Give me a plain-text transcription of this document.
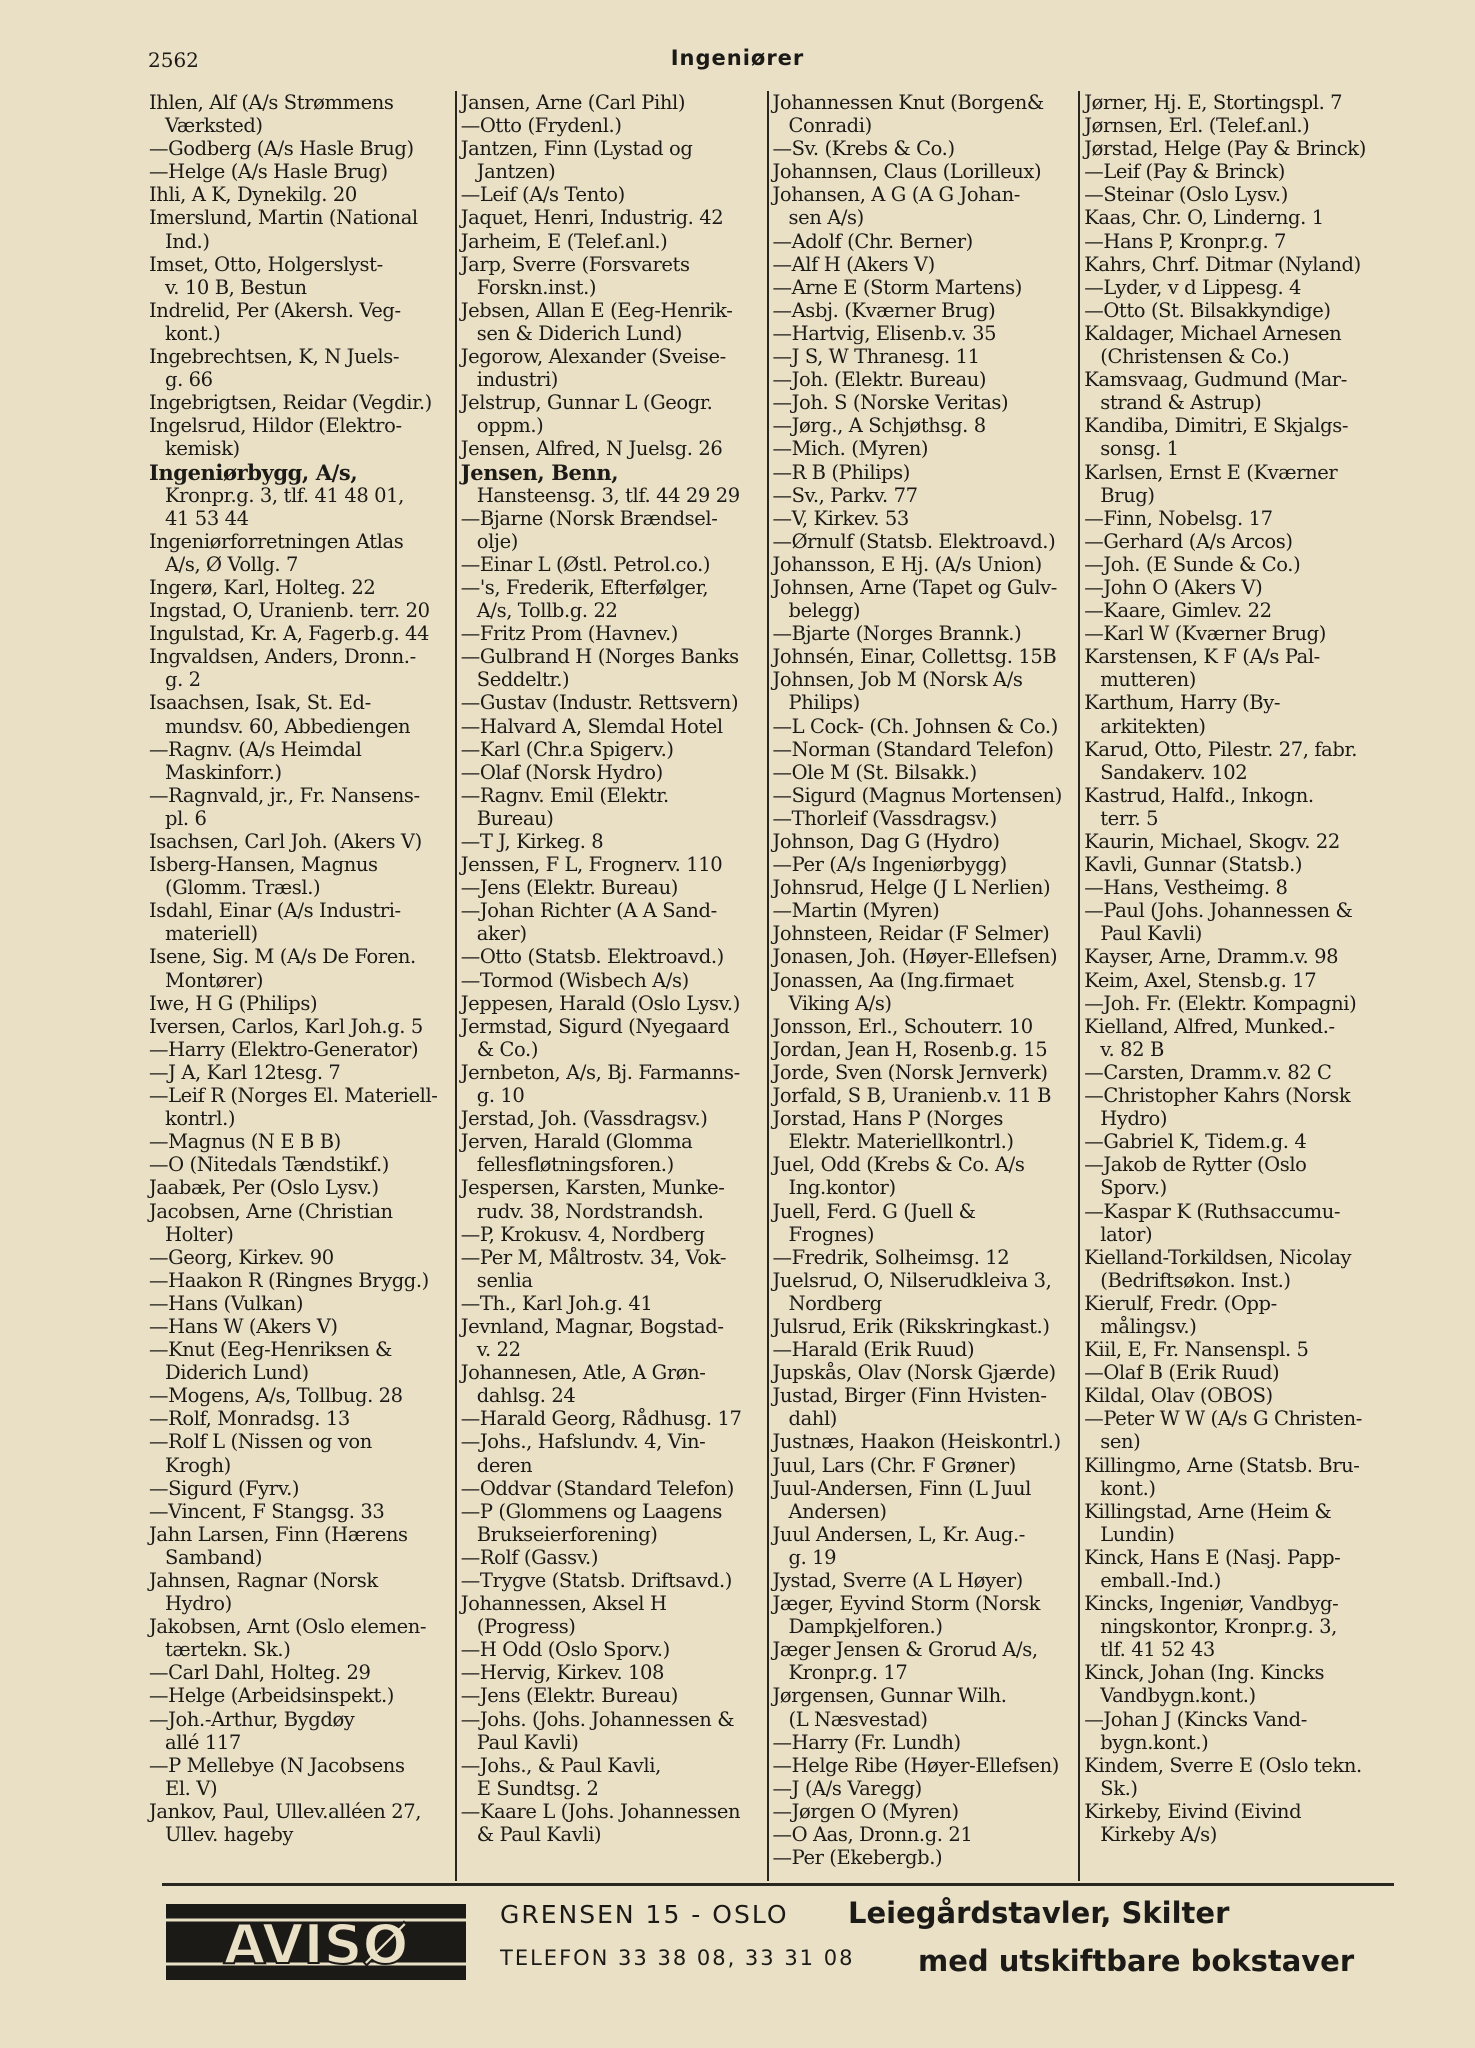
2562	Ingeniører
Ihlen, Alf (A/s Strømmens
Værksted)
—Godberg (A/s Hasle Brug)
—Helge (A/s Hasle Brug)
Ihli, A K, Dynekilg. 20
Imerslund, Martin (National
Ind.)
Imset, Otto, Holgerslyst-
v. 10 B, Bestun
Indrelid, Per (Akersh. Veg-
kont.)
Ingebrechtsen, K, N Juels-
g. 66
Ingebrigtsen, Reidar (Vegdir.)
Ingelsrud, Hildor (Elektro-
kemisk)
Ingeniørbygg, A/s,
Kronpr.g. 3, tlf. 41 48 01,
41 53 44
Ingeniørforretningen Atlas
A/s, Ø Vollg. 7
Ingerø, Karl, Holteg. 22
Ingstad, O, Uranienb. terr. 20
Ingulstad, Kr. A, Fagerb.g. 44
Ingvaldsen, Anders, Dronn.-
g. 2
Isaachsen, Isak, St. Ed-
mundsv. 60, Abbediengen
—Ragnv. (A/s Heimdal
Maskinforr.)
—Ragnvald, jr., Fr. Nansens-
pl. 6
Isachsen, Carl Joh. (Akers V)
Isberg-Hansen, Magnus
(Glomm. Træsl.)
Isdahl, Einar (A/s Industri-
materiell)
Isene, Sig. M (A/s De Foren.
Montører)
Iwe, H G (Philips)
Iversen, Carlos, Karl Joh.g. 5
—Harry (Elektro-Generator)
—J A, Karl 12tesg. 7
—Leif R (Norges El. Materiell-
kontrl.)
—Magnus (N E B B)
—O (Nitedals Tændstikf.)
Jaabæk, Per (Oslo Lysv.)
Jacobsen, Arne (Christian
Holter)
—Georg, Kirkev. 90
—Haakon R (Ringnes Brygg.)
—Hans (Vulkan)
—Hans W (Akers V)
—Knut (Eeg-Henriksen &
Diderich Lund)
—Mogens, A/s, Tollbug. 28
—Rolf, Monradsg. 13
—Rolf L (Nissen og von
Krogh)
—Sigurd (Fyrv.)
—Vincent, F Stangsg. 33
Jahn Larsen, Finn (Hærens
Samband)
Jahnsen, Ragnar (Norsk
Hydro)
Jakobsen, Arnt (Oslo elemen-
tærtekn. Sk.)
—Carl Dahl, Holteg. 29
—Helge (Arbeidsinspekt.)
—Joh.-Arthur, Bygdøy
allé 117
—P Mellebye (N Jacobsens
El. V)
Jankov, Paul, Ullev.alléen 27,
Ullev. hageby
Jansen, Arne (Carl Pihl)
—Otto (Frydenl.)
Jantzen, Finn (Lystad og
Jantzen)
—Leif (A/s Tento)
Jaquet, Henri, Industrig. 42
Jarheim, E (Telef.anl.)
Jarp, Sverre (Forsvarets
Forskn.inst.)
Jebsen, Allan E (Eeg-Henrik-
sen & Diderich Lund)
Jegorow, Alexander (Sveise-
industri)
Jelstrup, Gunnar L (Geogr.
oppm.)
Jensen, Alfred, N Juelsg. 26
Jensen, Benn,
Hansteensg. 3, tlf. 44 29 29
—Bjarne (Norsk Brændsel-
olje)
—Einar L (Østl. Petrol.co.)
—'s, Frederik, Efterfølger,
A/s, Tollb.g. 22
—Fritz Prom (Havnev.)
—Gulbrand H (Norges Banks
Seddeltr.)
—Gustav (Industr. Rettsvern)
—Halvard A, Slemdal Hotel
—Karl (Chr.a Spigerv.)
—Olaf (Norsk Hydro)
—Ragnv. Emil (Elektr.
Bureau)
—T J, Kirkeg. 8
Jenssen, F L, Frognerv. 110
—Jens (Elektr. Bureau)
—Johan Richter (A A Sand-
aker)
—Otto (Statsb. Elektroavd.)
—Tormod (Wisbech A/s)
Jeppesen, Harald (Oslo Lysv.)
Jermstad, Sigurd (Nyegaard
& Co.)
Jernbeton, A/s, Bj. Farmanns-
g. 10
Jerstad, Joh. (Vassdragsv.)
Jerven, Harald (Glomma
fellesfløtningsforen.)
Jespersen, Karsten, Munke-
rudv. 38, Nordstrandsh.
—P, Krokusv. 4, Nordberg
—Per M, Måltrostv. 34, Vok-
senlia
—Th., Karl Joh.g. 41
Jevnland, Magnar, Bogstad-
v. 22
Johannesen, Atle, A Grøn-
dahlsg. 24
—Harald Georg, Rådhusg. 17
—Johs., Hafslundv. 4, Vin-
deren
—Oddvar (Standard Telefon)
—P (Glommens og Laagens
Brukseierforening)
—Rolf (Gassv.)
—Trygve (Statsb. Driftsavd.)
Johannessen, Aksel H
(Progress)
—H Odd (Oslo Sporv.)
—Hervig, Kirkev. 108
—Jens (Elektr. Bureau)
—Johs. (Johs. Johannessen &
Paul Kavli)
—Johs., & Paul Kavli,
E Sundtsg. 2
—Kaare L (Johs. Johannessen
& Paul Kavli)
Johannessen Knut (Borgen&
Conradi)
—Sv. (Krebs & Co.)
Johannsen, Claus (Lorilleux)
Johansen, A G (A G Johan-
sen A/s)
—Adolf (Chr. Berner)
—Alf H (Akers V)
—Arne E (Storm Martens)
—Asbj. (Kværner Brug)
—Hartvig, Elisenb.v. 35
—J S, W Thranesg. 11
—Joh. (Elektr. Bureau)
—Joh. S (Norske Veritas)
—Jørg., A Schjøthsg. 8
—Mich. (Myren)
—R B (Philips)
—Sv., Parkv. 77
—V, Kirkev. 53
—Ørnulf (Statsb. Elektroavd.)
Johansson, E Hj. (A/s Union)
Johnsen, Arne (Tapet og Gulv-
belegg)
—Bjarte (Norges Brannk.)
Johnsén, Einar, Collettsg. 15B
Johnsen, Job M (Norsk A/s
Philips)
—L Cock- (Ch. Johnsen & Co.)
—Norman (Standard Telefon)
—Ole M (St. Bilsakk.)
—Sigurd (Magnus Mortensen)
—Thorleif (Vassdragsv.)
Johnson, Dag G (Hydro)
—Per (A/s Ingeniørbygg)
Johnsrud, Helge (J L Nerlien)
—Martin (Myren)
Johnsteen, Reidar (F Selmer)
Jonasen, Joh. (Høyer-Ellefsen)
Jonassen, Aa (Ing.firmaet
Viking A/s)
Jonsson, Erl., Schouterr. 10
Jordan, Jean H, Rosenb.g. 15
Jorde, Sven (Norsk Jernverk)
Jorfald, S B, Uranienb.v. 11 B
Jorstad, Hans P (Norges
Elektr. Materiellkontrl.)
Juel, Odd (Krebs & Co. A/s
Ing.kontor)
Juell, Ferd. G (Juell &
Frognes)
—Fredrik, Solheimsg. 12
Juelsrud, O, Nilserudkleiva 3,
Nordberg
Julsrud, Erik (Rikskringkast.)
—Harald (Erik Ruud)
Jupskås, Olav (Norsk Gjærde)
Justad, Birger (Finn Hvisten-
dahl)
Justnæs, Haakon (Heiskontrl.)
Juul, Lars (Chr. F Grøner)
Juul-Andersen, Finn (L Juul
Andersen)
Juul Andersen, L, Kr. Aug.-
g. 19
Jystad, Sverre (A L Høyer)
Jæger, Eyvind Storm (Norsk
Dampkjelforen.)
Jæger Jensen & Grorud A/s,
Kronpr.g. 17
Jørgensen, Gunnar Wilh.
(L Næsvestad)
—Harry (Fr. Lundh)
—Helge Ribe (Høyer-Ellefsen)
—J (A/s Varegg)
—Jørgen O (Myren)
—O Aas, Dronn.g. 21
—Per (Ekebergb.)
Jørner, Hj. E, Stortingspl. 7
Jørnsen, Erl. (Telef.anl.)
Jørstad, Helge (Pay & Brinck)
—Leif (Pay & Brinck)
—Steinar (Oslo Lysv.)
Kaas, Chr. O, Linderng. 1
—Hans P, Kronpr.g. 7
Kahrs, Chrf. Ditmar (Nyland)
—Lyder, v d Lippesg. 4
—Otto (St. Bilsakkyndige)
Kaldager, Michael Arnesen
(Christensen & Co.)
Kamsvaag, Gudmund (Mar-
strand & Astrup)
Kandiba, Dimitri, E Skjalgs-
sonsg. 1
Karlsen, Ernst E (Kværner
Brug)
—Finn, Nobelsg. 17
—Gerhard (A/s Arcos)
—Joh. (E Sunde & Co.)
—John O (Akers V)
—Kaare, Gimlev. 22
—Karl W (Kværner Brug)
Karstensen, K F (A/s Pal-
mutteren)
Karthum, Harry (By-
arkitekten)
Karud, Otto, Pilestr. 27, fabr.
Sandakerv. 102
Kastrud, Halfd., Inkogn.
terr. 5
Kaurin, Michael, Skogv. 22
Kavli, Gunnar (Statsb.)
—Hans, Vestheimg. 8
—Paul (Johs. Johannessen &
Paul Kavli)
Kayser, Arne, Dramm.v. 98
Keim, Axel, Stensb.g. 17
—Joh. Fr. (Elektr. Kompagni)
Kielland, Alfred, Munked.-
v. 82 B
—Carsten, Dramm.v. 82 C
—Christopher Kahrs (Norsk
Hydro)
—Gabriel K, Tidem.g. 4
—Jakob de Rytter (Oslo
Sporv.)
—Kaspar K (Ruthsaccumu-
lator)
Kielland-Torkildsen, Nicolay
(Bedriftsøkon. Inst.)
Kierulf, Fredr. (Opp-
målingsv.)
Kiil, E, Fr. Nansenspl. 5
—Olaf B (Erik Ruud)
Kildal, Olav (OBOS)
—Peter W W (A/s G Christen-
sen)
Killingmo, Arne (Statsb. Bru-
kont.)
Killingstad, Arne (Heim &
Lundin)
Kinck, Hans E (Nasj. Papp-
emball.-Ind.)
Kincks, Ingeniør, Vandbyg-
ningskontor, Kronpr.g. 3,
tlf. 41 52 43
Kinck, Johan (Ing. Kincks
Vandbygn.kont.)
—Johan J (Kincks Vand-
bygn.kont.)
Kindem, Sverre E (Oslo tekn.
Sk.)
Kirkeby, Eivind (Eivind
Kirkeby A/s)
AVISØ	GRENSEN 15 - OSLO
TELEFON 33 38 08, 33 31 08
Leiegårdstavler, Skilter
med utskiftbare bokstaver
